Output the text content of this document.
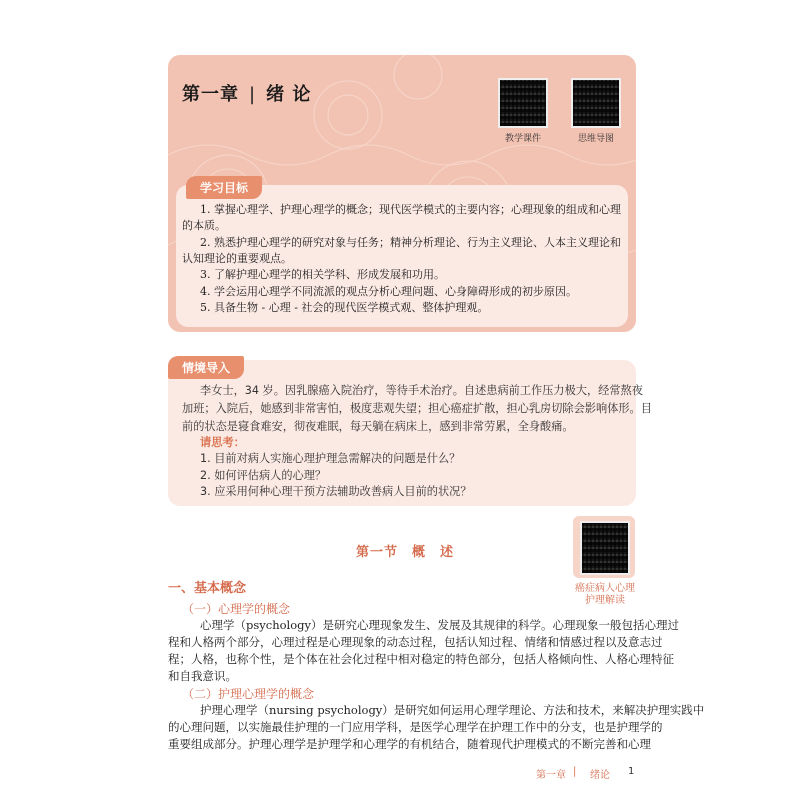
第一章 | 绪 论
教学课件	思维导图
学习目标
1. 掌握心理学、护理心理学的概念；现代医学模式的主要内容；心理现象的组成和心理
的本质。
2. 熟悉护理心理学的研究对象与任务；精神分析理论、行为主义理论、人本主义理论和
认知理论的重要观点。
3. 了解护理心理学的相关学科、形成发展和功用。
4. 学会运用心理学不同流派的观点分析心理问题、心身障碍形成的初步原因。
5. 具备生物 - 心理 - 社会的现代医学模式观、整体护理观。
情境导入
李女士，34 岁。因乳腺癌入院治疗，等待手术治疗。自述患病前工作压力极大，经常熬夜
加班；入院后，她感到非常害怕，极度悲观失望；担心癌症扩散，担心乳房切除会影响体形。目
前的状态是寝食难安，彻夜难眠，每天躺在病床上，感到非常劳累，全身酸痛。
请思考：
1. 目前对病人实施心理护理急需解决的问题是什么？
2. 如何评估病人的心理？
3. 应采用何种心理干预方法辅助改善病人目前的状况？
第一节　概　述
癌症病人心理
护理解读
一、基本概念
（一）心理学的概念
心理学（psychology）是研究心理现象发生、发展及其规律的科学。心理现象一般包括心理过
程和人格两个部分，心理过程是心理现象的动态过程，包括认知过程、情绪和情感过程以及意志过
程；人格，也称个性，是个体在社会化过程中相对稳定的特色部分，包括人格倾向性、人格心理特征
和自我意识。
（二）护理心理学的概念
护理心理学（nursing psychology）是研究如何运用心理学理论、方法和技术，来解决护理实践中
的心理问题，以实施最佳护理的一门应用学科，是医学心理学在护理工作中的分支，也是护理学的
重要组成部分。护理心理学是护理学和心理学的有机结合，随着现代护理模式的不断完善和心理
第一章 | 绪论 1
